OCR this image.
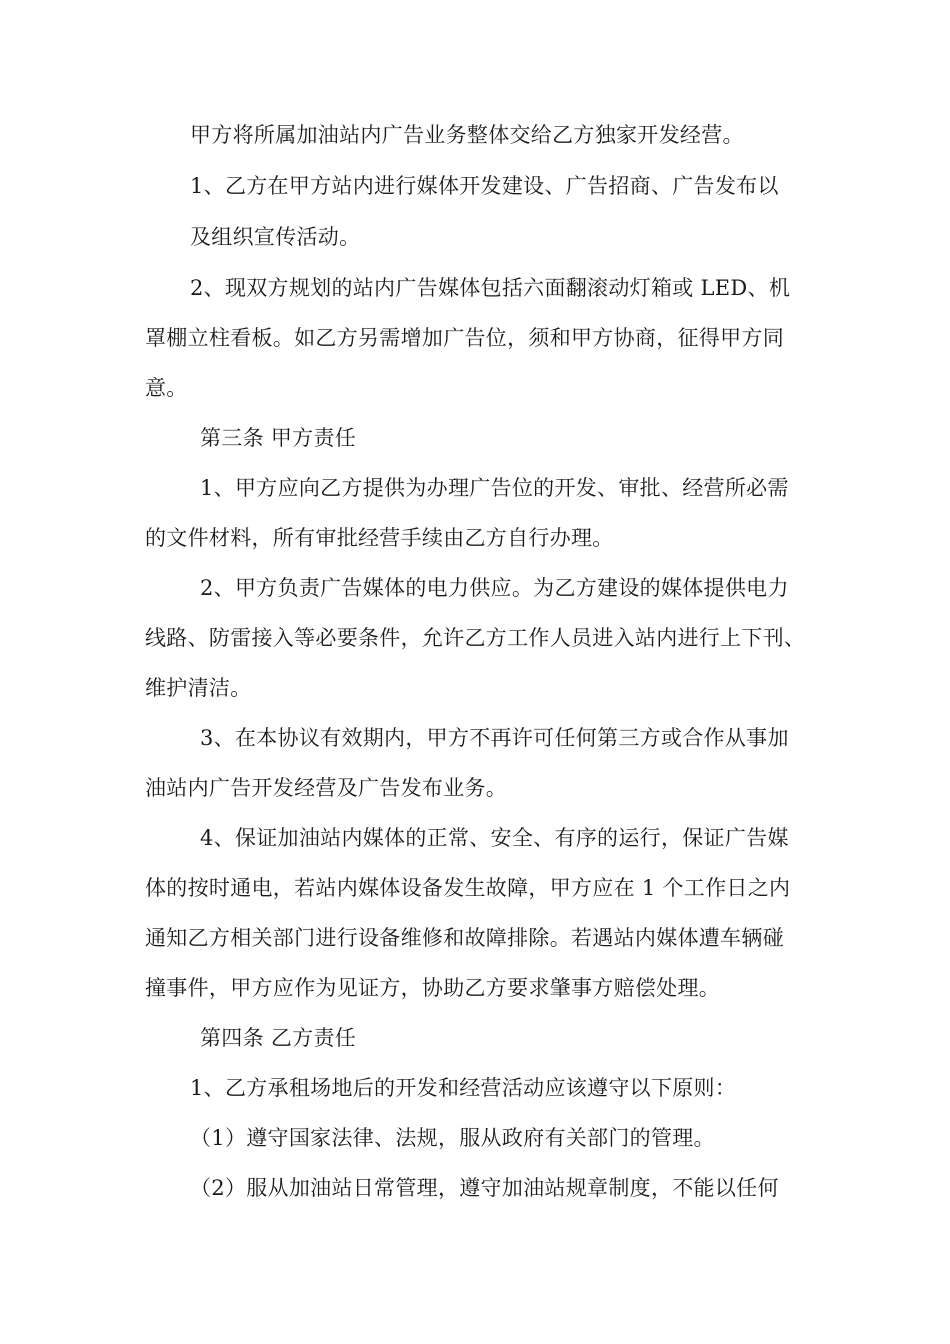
甲方将所属加油站内广告业务整体交给乙方独家开发经营。
1、乙方在甲方站内进行媒体开发建设、广告招商、广告发布以
及组织宣传活动。
2、现双方规划的站内广告媒体包括六面翻滚动灯箱或 LED、机
罩棚立柱看板。如乙方另需增加广告位，须和甲方协商，征得甲方同
意。
第三条 甲方责任
1、甲方应向乙方提供为办理广告位的开发、审批、经营所必需
的文件材料，所有审批经营手续由乙方自行办理。
2、甲方负责广告媒体的电力供应。为乙方建设的媒体提供电力
线路、防雷接入等必要条件，允许乙方工作人员进入站内进行上下刊、
维护清洁。
3、在本协议有效期内，甲方不再许可任何第三方或合作从事加
油站内广告开发经营及广告发布业务。
4、保证加油站内媒体的正常、安全、有序的运行，保证广告媒
体的按时通电，若站内媒体设备发生故障，甲方应在 1 个工作日之内
通知乙方相关部门进行设备维修和故障排除。若遇站内媒体遭车辆碰
撞事件，甲方应作为见证方，协助乙方要求肇事方赔偿处理。
第四条 乙方责任
1、乙方承租场地后的开发和经营活动应该遵守以下原则：
（1）遵守国家法律、法规，服从政府有关部门的管理。
（2）服从加油站日常管理，遵守加油站规章制度，不能以任何
